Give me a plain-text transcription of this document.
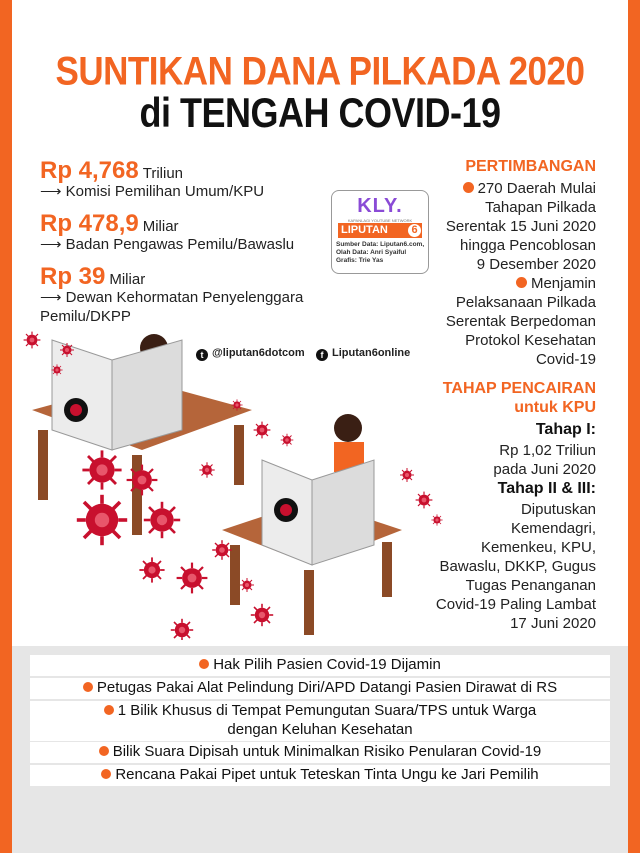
SUNTIKAN DANA PILKADA 2020
di TENGAH COVID-19
Rp 4,768 Triliun
⟶ Komisi Pemilihan Umum/KPU
Rp 478,9 Miliar
⟶ Badan Pengawas Pemilu/Bawaslu
Rp 39 Miliar
⟶ Dewan Kehormatan Penyelenggara
Pemilu/DKPP
KLY.
KAPANLAGI YOUTUBE NETWORK
LIPUTAN	6
Sumber Data: Liputan6.com,
Olah Data: Anri Syaiful
Grafis: Trie Yas
t @liputan6dotcom	f Liputan6online
PERTIMBANGAN
270 Daerah Mulai
Tahapan Pilkada
Serentak 15 Juni 2020
hingga Pencoblosan
9 Desember 2020
Menjamin
Pelaksanaan Pilkada
Serentak Berpedoman
Protokol Kesehatan
Covid-19
TAHAP PENCAIRAN
untuk KPU
Tahap I:
Rp 1,02 Triliun
pada Juni 2020
Tahap II & III:
Diputuskan
Kemendagri,
Kemenkeu, KPU,
Bawaslu, DKKP, Gugus
Tugas Penanganan
Covid-19 Paling Lambat
17 Juni 2020
Hak Pilih Pasien Covid-19 Dijamin
Petugas Pakai Alat Pelindung Diri/APD Datangi Pasien Dirawat di RS
1 Bilik Khusus di Tempat Pemungutan Suara/TPS untuk Warga
dengan Keluhan Kesehatan
Bilik Suara Dipisah untuk Minimalkan Risiko Penularan Covid-19
Rencana Pakai Pipet untuk Teteskan Tinta Ungu ke Jari Pemilih
